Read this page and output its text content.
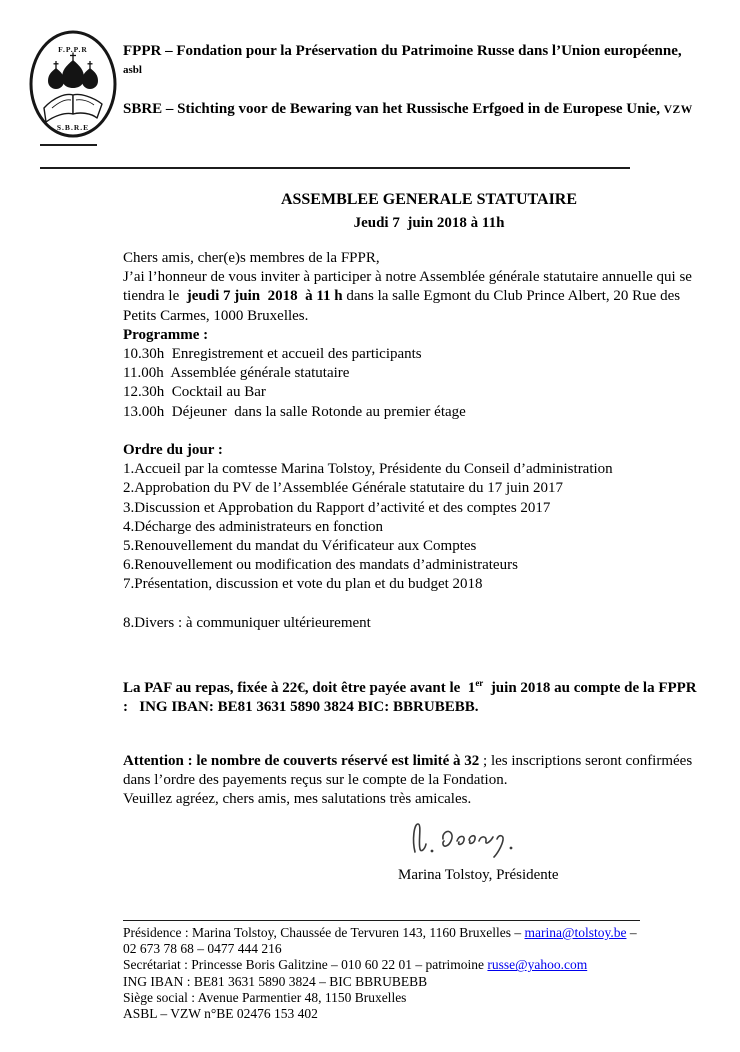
F.P.P.R
S.B.R.E
FPPR – Fondation pour la Préservation du Patrimoine Russe dans l’Union européenne,
asbl
SBRE – Stichting voor de Bewaring van het Russische Erfgoed in de Europese Unie, VZW
ASSEMBLEE GENERALE STATUTAIRE
Jeudi 7  juin 2018 à 11h
Chers amis, cher(e)s membres de la FPPR,

J’ai l’honneur de vous inviter à participer à notre Assemblée générale statutaire annuelle qui se tiendra le  jeudi 7 juin  2018  à 11 h dans la salle Egmont du Club Prince Albert, 20 Rue des Petits Carmes, 1000 Bruxelles.

Programme :
10.30h  Enregistrement et accueil des participants
11.00h  Assemblée générale statutaire
12.30h  Cocktail au Bar
13.00h  Déjeuner  dans la salle Rotonde au premier étage
Ordre du jour :
1.Accueil par la comtesse Marina Tolstoy, Présidente du Conseil d’administration
2.Approbation du PV de l’Assemblée Générale statutaire du 17 juin 2017
3.Discussion et Approbation du Rapport d’activité et des comptes 2017
4.Décharge des administrateurs en fonction
5.Renouvellement du mandat du Vérificateur aux Comptes
6.Renouvellement ou modification des mandats d’administrateurs
7.Présentation, discussion et vote du plan et du budget 2018
8.Divers : à communiquer ultérieurement
La PAF au repas, fixée à 22€, doit être payée avant le  1er  juin 2018 au compte de la FPPR :   ING IBAN: BE81 3631 5890 3824 BIC: BBRUBEBB.

Attention : le nombre de couverts réservé est limité à 32 ; les inscriptions seront confirmées dans l’ordre des payements reçus sur le compte de la Fondation.

Veuillez agréez, chers amis, mes salutations très amicales.
Marina Tolstoy, Présidente
Présidence : Marina Tolstoy, Chaussée de Tervuren 143, 1160 Bruxelles – marina@tolstoy.be –
02 673 78 68 – 0477 444 216
Secrétariat : Princesse Boris Galitzine – 010 60 22 01 – patrimoine russe@yahoo.com
ING IBAN : BE81 3631 5890 3824 – BIC BBRUBEBB
Siège social : Avenue Parmentier 48, 1150 Bruxelles
ASBL – VZW n°BE 02476 153 402
